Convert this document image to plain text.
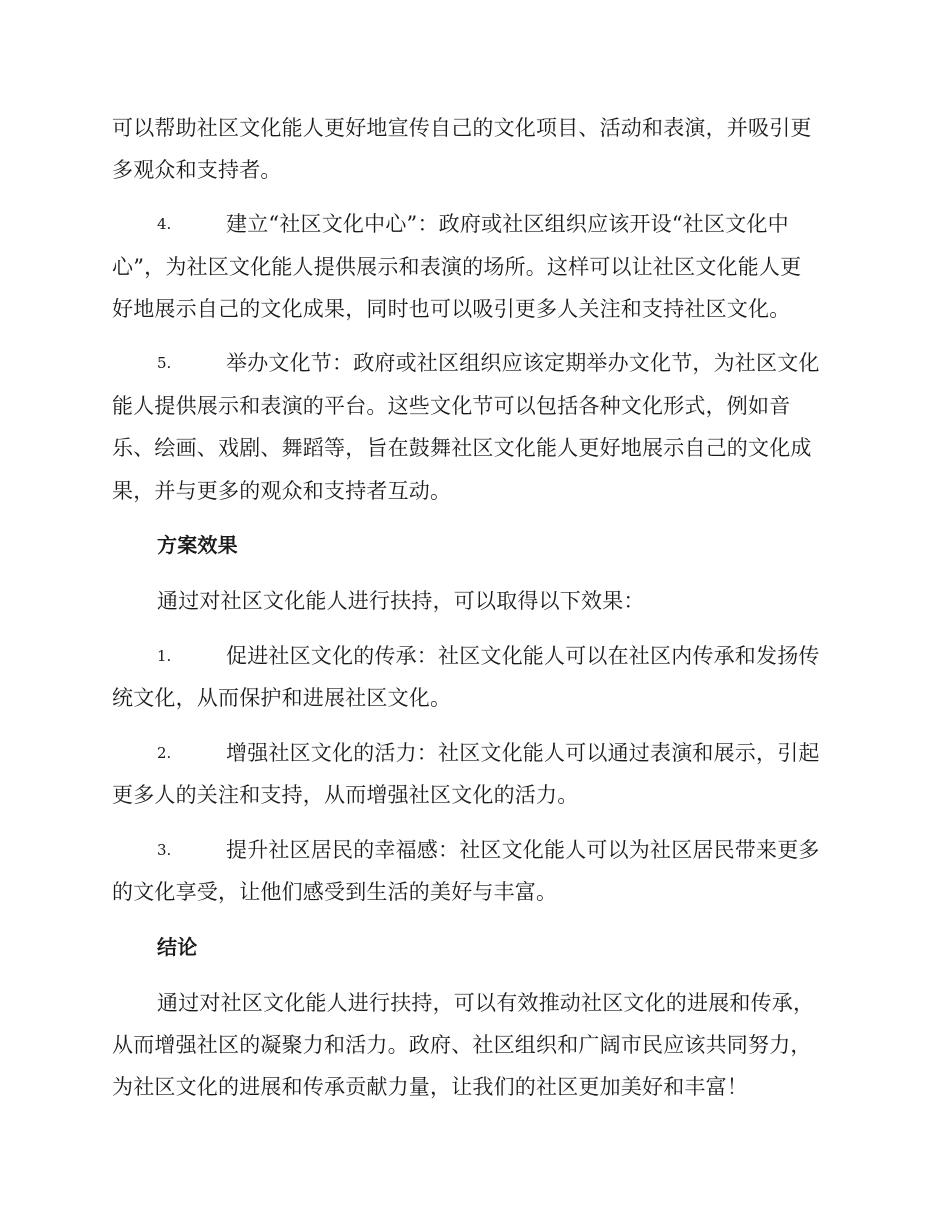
可以帮助社区文化能人更好地宣传自己的文化项目、活动和表演，并吸引更
多观众和支持者。
4.	建立“社区文化中心”：政府或社区组织应该开设“社区文化中
心”，为社区文化能人提供展示和表演的场所。这样可以让社区文化能人更
好地展示自己的文化成果，同时也可以吸引更多人关注和支持社区文化。
5.	举办文化节：政府或社区组织应该定期举办文化节，为社区文化
能人提供展示和表演的平台。这些文化节可以包括各种文化形式，例如音
乐、绘画、戏剧、舞蹈等，旨在鼓舞社区文化能人更好地展示自己的文化成
果，并与更多的观众和支持者互动。
方案效果
通过对社区文化能人进行扶持，可以取得以下效果：
1.	促进社区文化的传承：社区文化能人可以在社区内传承和发扬传
统文化，从而保护和进展社区文化。
2.	增强社区文化的活力：社区文化能人可以通过表演和展示，引起
更多人的关注和支持，从而增强社区文化的活力。
3.	提升社区居民的幸福感：社区文化能人可以为社区居民带来更多
的文化享受，让他们感受到生活的美好与丰富。
结论
通过对社区文化能人进行扶持，可以有效推动社区文化的进展和传承，
从而增强社区的凝聚力和活力。政府、社区组织和广阔市民应该共同努力，
为社区文化的进展和传承贡献力量，让我们的社区更加美好和丰富！
